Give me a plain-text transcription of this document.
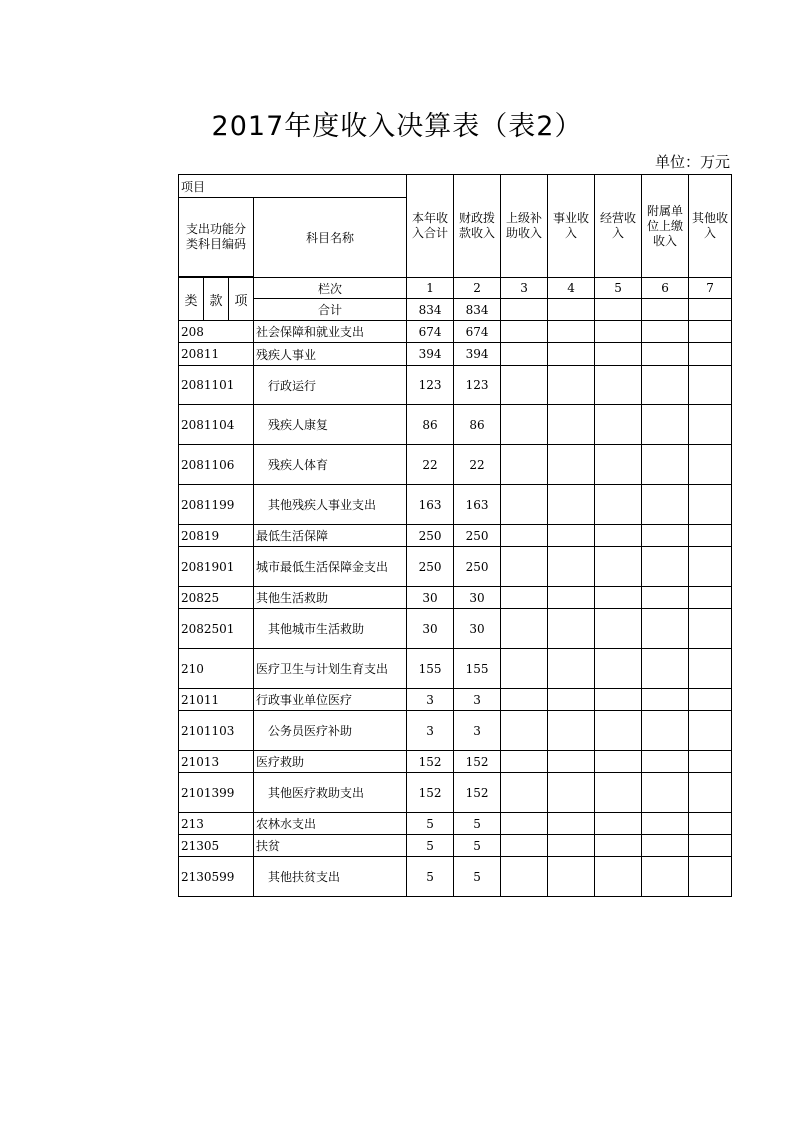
2017年度收入决算表（表2）
单位：万元
项目				本年收入合计	财政拨款收入	上级补助收入	事业收入	经营收入	附属单位上缴收入	其他收入
支出功能分类科目编码			科目名称							

类	款	项	栏次	1	2	3	4	5	6	7
			合计	834	834					
208			社会保障和就业支出	674	674					
20811			残疾人事业	394	394					
2081101			行政运行	123	123					
2081104			残疾人康复	86	86					
2081106			残疾人体育	22	22					
2081199			其他残疾人事业支出	163	163					
20819			最低生活保障	250	250					
2081901			城市最低生活保障金支出	250	250					
20825			其他生活救助	30	30					
2082501			其他城市生活救助	30	30					
210			医疗卫生与计划生育支出	155	155					
21011			行政事业单位医疗	3	3					
2101103			公务员医疗补助	3	3					
21013			医疗救助	152	152					
2101399			其他医疗救助支出	152	152					
213			农林水支出	5	5					
21305			扶贫	5	5					
2130599			其他扶贫支出	5	5					
